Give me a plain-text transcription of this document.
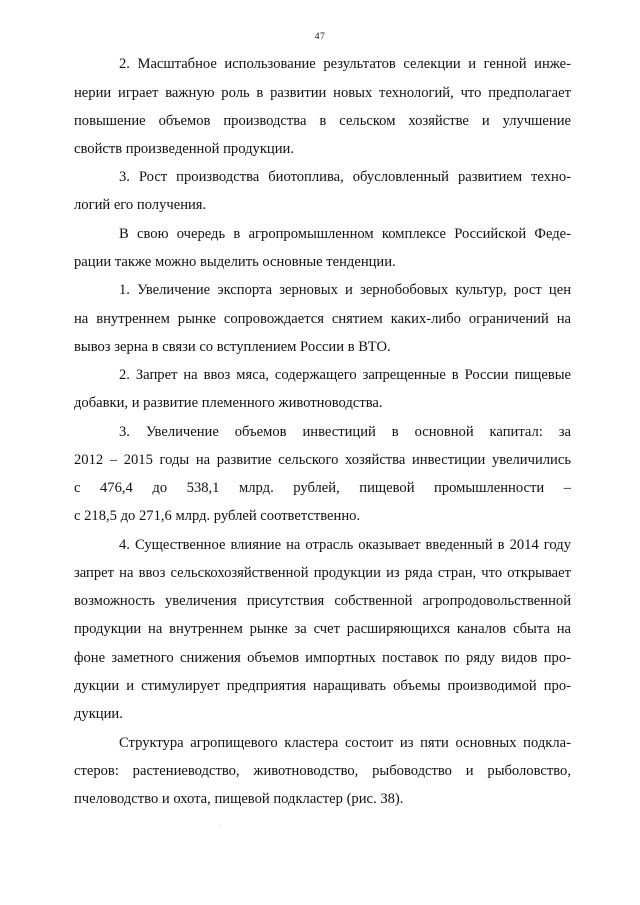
47
2. Масштабное использование результатов селекции и генной инже-
нерии играет важную роль в развитии новых технологий, что предполагает
повышение объемов производства в сельском хозяйстве и улучшение
свойств произведенной продукции.
3. Рост производства биотоплива, обусловленный развитием техно-
логий его получения.
В свою очередь в агропромышленном комплексе Российской Феде-
рации также можно выделить основные тенденции.
1. Увеличение экспорта зерновых и зернобобовых культур, рост цен
на внутреннем рынке сопровождается снятием каких-либо ограничений на
вывоз зерна в связи со вступлением России в ВТО.
2. Запрет на ввоз мяса, содержащего запрещенные в России пищевые
добавки, и развитие племенного животноводства.
3. Увеличение объемов инвестиций в основной капитал: за
2012 – 2015 годы на развитие сельского хозяйства инвестиции увеличились
с 476,4 до 538,1 млрд. рублей, пищевой промышленности –
с 218,5 до 271,6 млрд. рублей соответственно.
4. Существенное влияние на отрасль оказывает введенный в 2014 году
запрет на ввоз сельскохозяйственной продукции из ряда стран, что открывает
возможность увеличения присутствия собственной агропродовольственной
продукции на внутреннем рынке за счет расширяющихся каналов сбыта на
фоне заметного снижения объемов импортных поставок по ряду видов про-
дукции и стимулирует предприятия наращивать объемы производимой про-
дукции.
Структура агропищевого кластера состоит из пяти основных подкла-
стеров: растениеводство, животноводство, рыбоводство и рыболовство,
пчеловодство и охота, пищевой подкластер (рис. 38).
·
